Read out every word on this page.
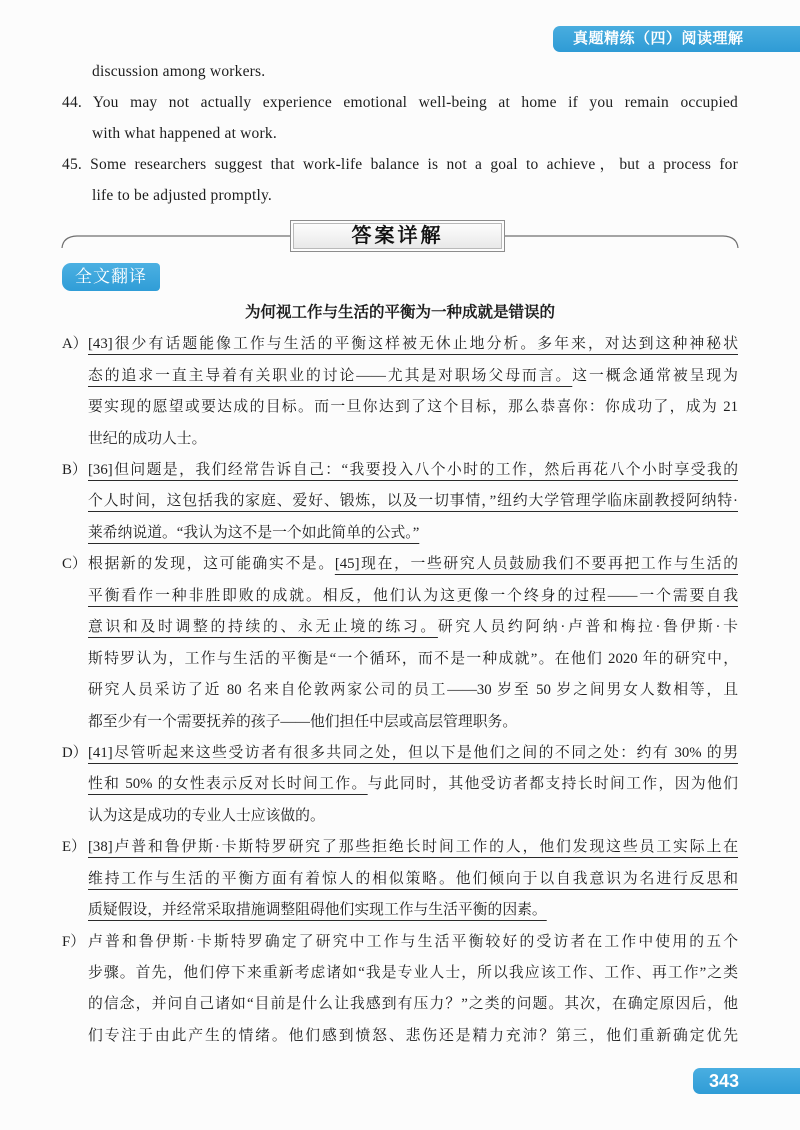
真题精练（四）阅读理解
discussion among workers.
44. You may not actually experience emotional well-being at home if you remain occupied
with what happened at work.
45. Some researchers suggest that work-life balance is not a goal to achieve，but a process for
life to be adjusted promptly.
答案详解
全文翻译
为何视工作与生活的平衡为一种成就是错误的
A） [43]很少有话题能像工作与生活的平衡这样被无休止地分析。多年来，对达到这种神秘状
态的追求一直主导着有关职业的讨论——尤其是对职场父母而言。这一概念通常被呈现为
要实现的愿望或要达成的目标。而一旦你达到了这个目标，那么恭喜你：你成功了，成为 21
世纪的成功人士。
B） [36]但问题是，我们经常告诉自己：“我要投入八个小时的工作，然后再花八个小时享受我的
个人时间，这包括我的家庭、爱好、锻炼，以及一切事情，”纽约大学管理学临床副教授阿纳特·
莱希纳说道。“我认为这不是一个如此简单的公式。”
C） 根据新的发现，这可能确实不是。[45]现在，一些研究人员鼓励我们不要再把工作与生活的
平衡看作一种非胜即败的成就。相反，他们认为这更像一个终身的过程——一个需要自我
意识和及时调整的持续的、永无止境的练习。研究人员约阿纳·卢普和梅拉·鲁伊斯·卡
斯特罗认为，工作与生活的平衡是“一个循环，而不是一种成就”。在他们 2020 年的研究中，
研究人员采访了近 80 名来自伦敦两家公司的员工——30 岁至 50 岁之间男女人数相等，且
都至少有一个需要抚养的孩子——他们担任中层或高层管理职务。
D） [41]尽管听起来这些受访者有很多共同之处，但以下是他们之间的不同之处：约有 30% 的男
性和 50% 的女性表示反对长时间工作。与此同时，其他受访者都支持长时间工作，因为他们
认为这是成功的专业人士应该做的。
E） [38]卢普和鲁伊斯·卡斯特罗研究了那些拒绝长时间工作的人，他们发现这些员工实际上在
维持工作与生活的平衡方面有着惊人的相似策略。他们倾向于以自我意识为名进行反思和
质疑假设，并经常采取措施调整阻碍他们实现工作与生活平衡的因素。
F） 卢普和鲁伊斯·卡斯特罗确定了研究中工作与生活平衡较好的受访者在工作中使用的五个
步骤。首先，他们停下来重新考虑诸如“我是专业人士，所以我应该工作、工作、再工作”之类
的信念，并问自己诸如“目前是什么让我感到有压力？”之类的问题。其次，在确定原因后，他
们专注于由此产生的情绪。他们感到愤怒、悲伤还是精力充沛？第三，他们重新确定优先
343
